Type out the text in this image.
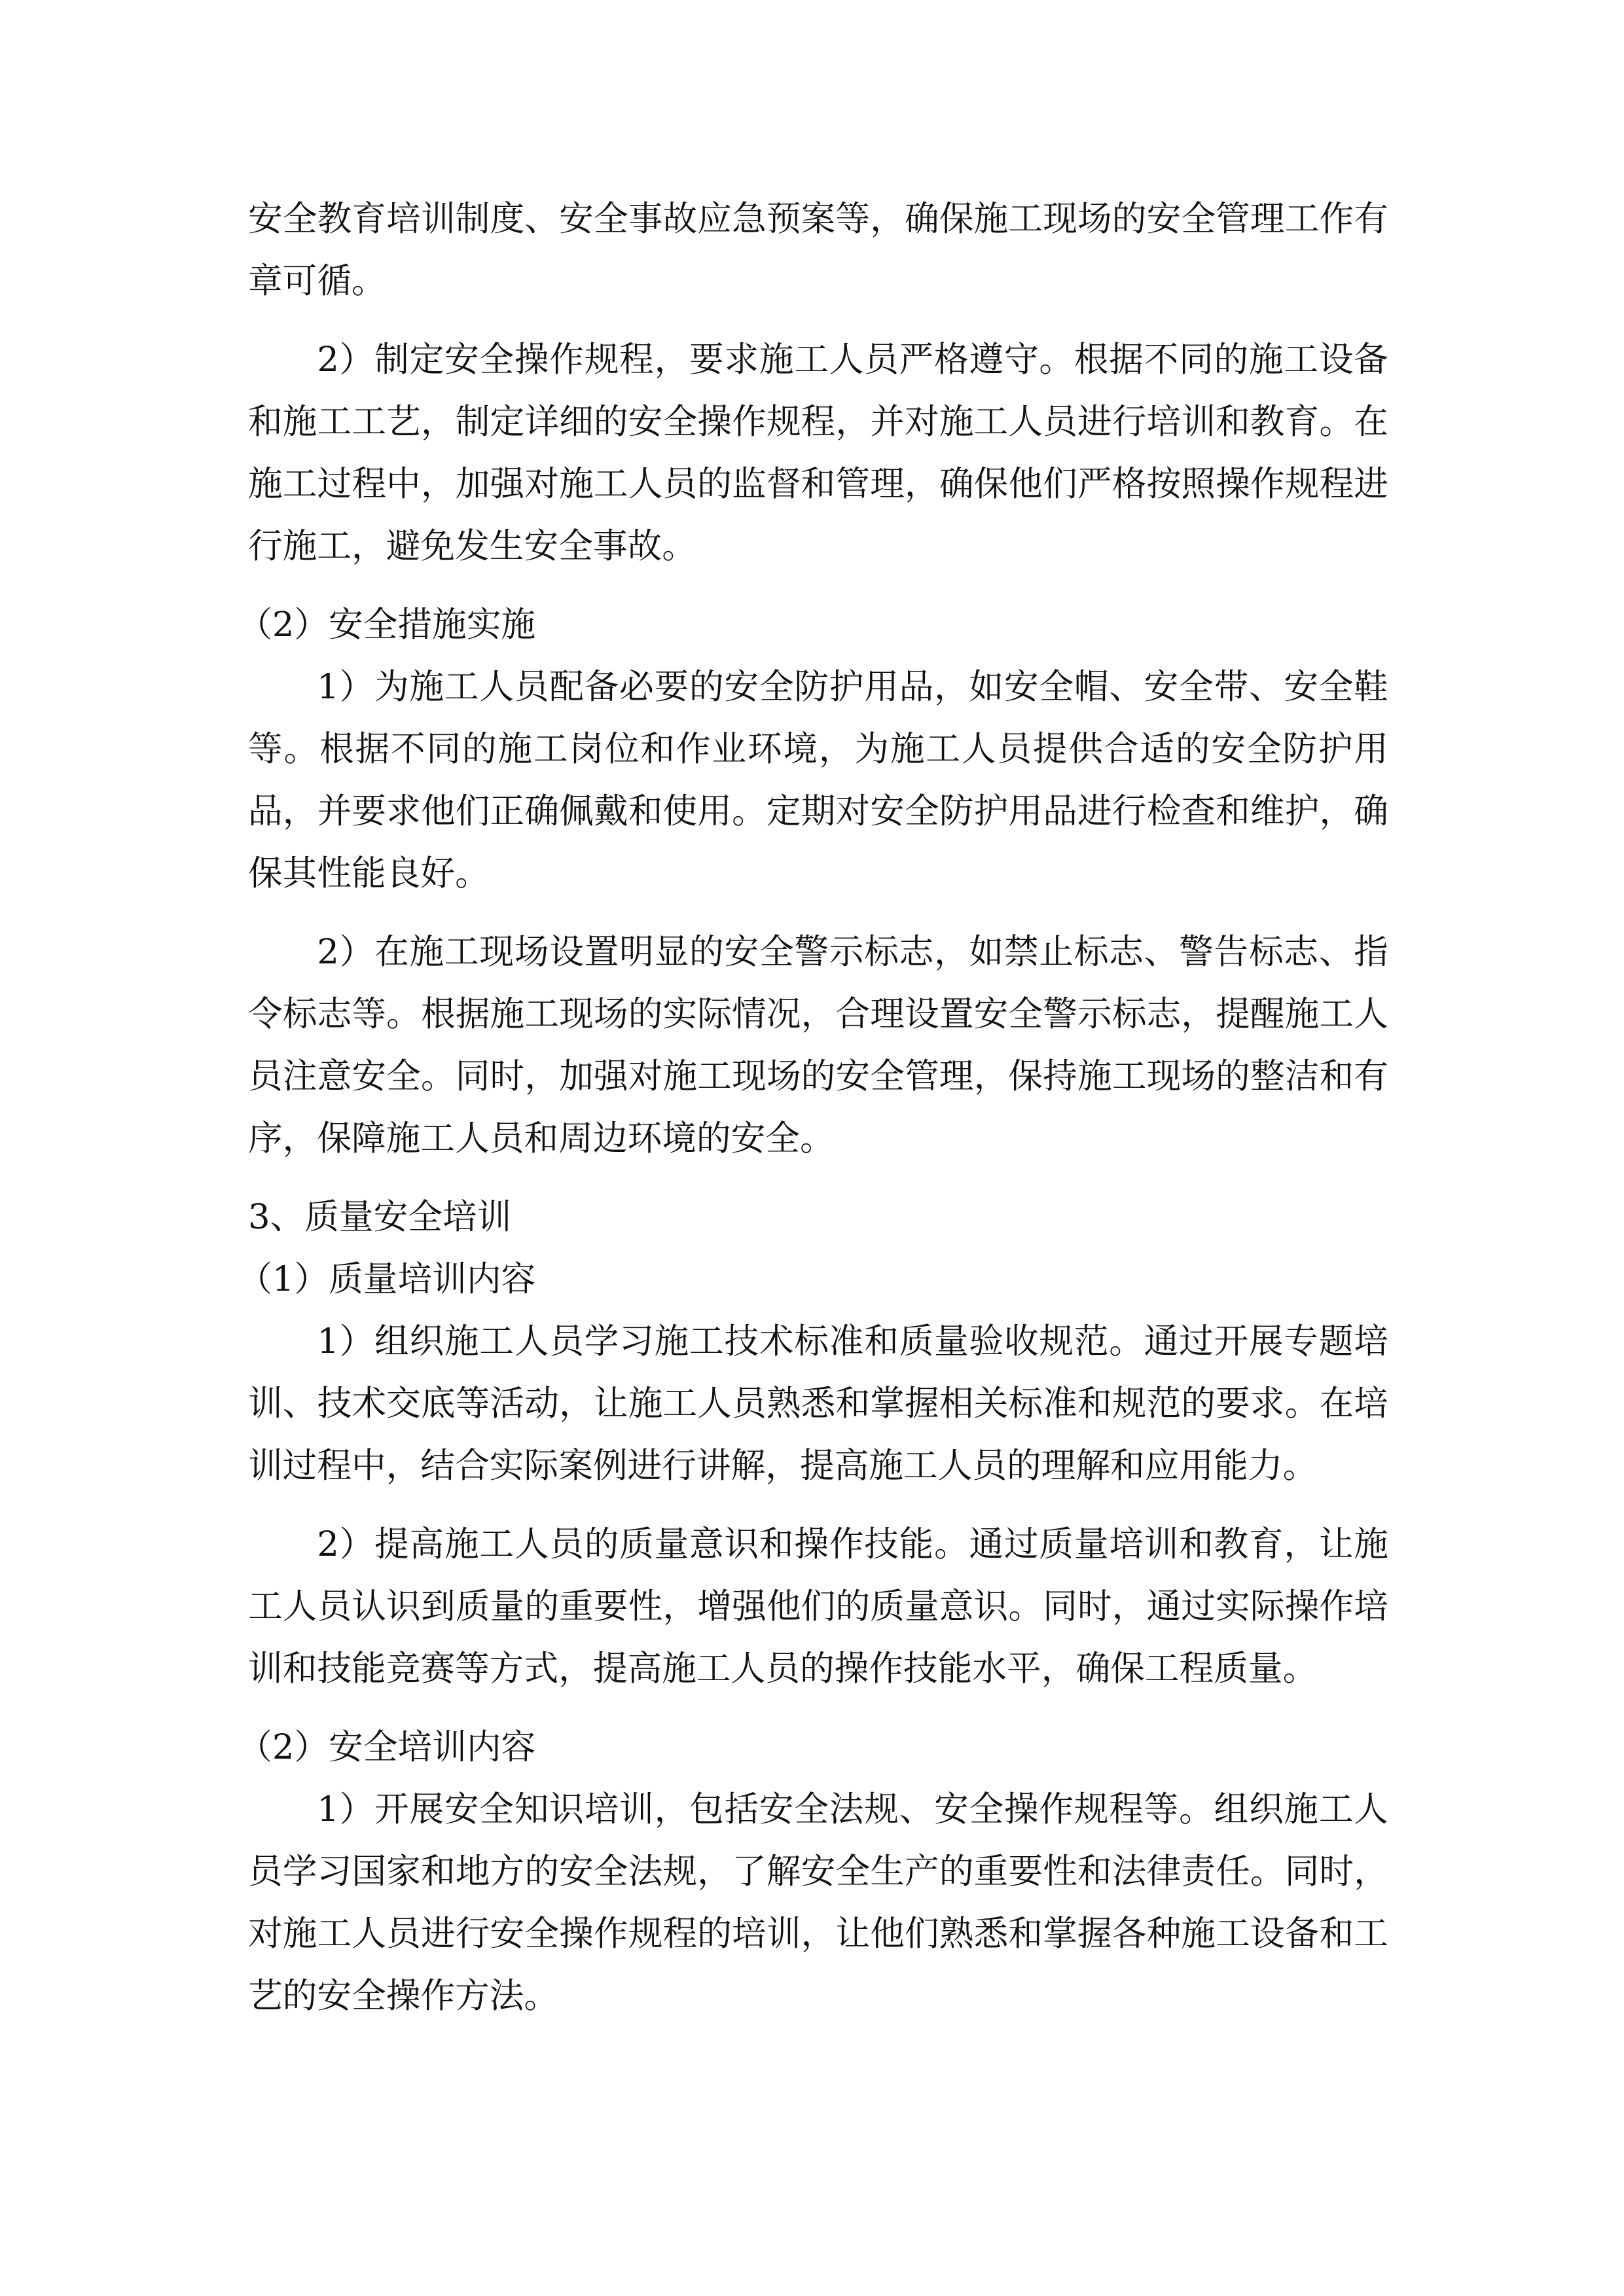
安全教育培训制度、安全事故应急预案等，确保施工现场的安全管理工作有章可循。

2）制定安全操作规程，要求施工人员严格遵守。根据不同的施工设备和施工工艺，制定详细的安全操作规程，并对施工人员进行培训和教育。在施工过程中，加强对施工人员的监督和管理，确保他们严格按照操作规程进行施工，避免发生安全事故。

（2）安全措施实施

1）为施工人员配备必要的安全防护用品，如安全帽、安全带、安全鞋等。根据不同的施工岗位和作业环境，为施工人员提供合适的安全防护用品，并要求他们正确佩戴和使用。定期对安全防护用品进行检查和维护，确保其性能良好。

2）在施工现场设置明显的安全警示标志，如禁止标志、警告标志、指令标志等。根据施工现场的实际情况，合理设置安全警示标志，提醒施工人员注意安全。同时，加强对施工现场的安全管理，保持施工现场的整洁和有序，保障施工人员和周边环境的安全。

3、质量安全培训

（1）质量培训内容

1）组织施工人员学习施工技术标准和质量验收规范。通过开展专题培训、技术交底等活动，让施工人员熟悉和掌握相关标准和规范的要求。在培训过程中，结合实际案例进行讲解，提高施工人员的理解和应用能力。

2）提高施工人员的质量意识和操作技能。通过质量培训和教育，让施工人员认识到质量的重要性，增强他们的质量意识。同时，通过实际操作培训和技能竞赛等方式，提高施工人员的操作技能水平，确保工程质量。

（2）安全培训内容

1）开展安全知识培训，包括安全法规、安全操作规程等。组织施工人员学习国家和地方的安全法规，了解安全生产的重要性和法律责任。同时，对施工人员进行安全操作规程的培训，让他们熟悉和掌握各种施工设备和工艺的安全操作方法。
